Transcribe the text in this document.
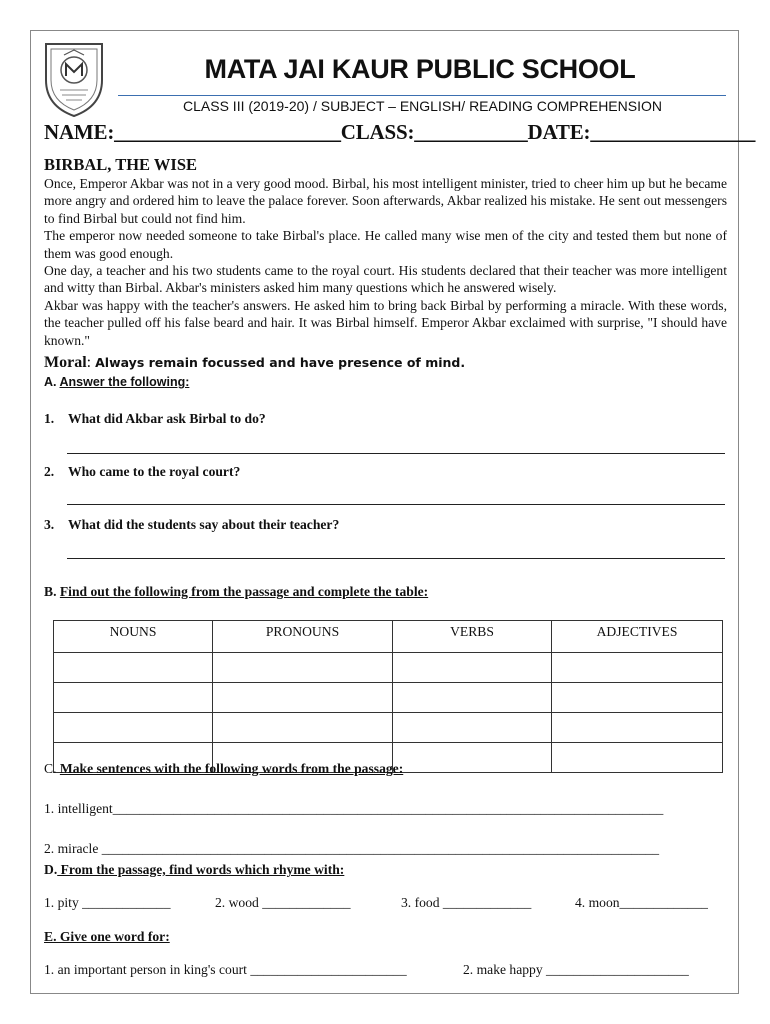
MATA JAI KAUR PUBLIC SCHOOL
CLASS III (2019-20) / SUBJECT – ENGLISH/ READING COMPREHENSION
NAME:______________________CLASS:___________DATE:________________
BIRBAL, THE WISE

Once, Emperor Akbar was not in a very good mood. Birbal, his most intelligent minister, tried to cheer him up but he became more angry and ordered him to leave the palace forever. Soon afterwards, Akbar realized his mistake. He sent out messengers to find Birbal but could not find him.

The emperor now needed someone to take Birbal's place. He called many wise men of the city and tested them but none of them was good enough.

One day, a teacher and his two students came to the royal court. His students declared that their teacher was more intelligent and witty than Birbal. Akbar's ministers asked him many questions which he answered wisely.

Akbar was happy with the teacher's answers. He asked him to bring back Birbal by performing a miracle. With these words, the teacher pulled off his false beard and hair. It was Birbal himself. Emperor Akbar exclaimed with surprise, "I should have known."

Moral: Always remain focussed and have presence of mind.
A. Answer the following:
1. What did Akbar ask Birbal to do?
2. Who came to the royal court?
3. What did the students say about their teacher?
B. Find out the following from the passage and complete the table:
NOUNS	PRONOUNS	VERBS	ADJECTIVES

C. Make sentences with the following words from the passage:
1. intelligent_________________________________________________________________________________
2. miracle __________________________________________________________________________________
D. From the passage, find words which rhyme with:
1. pity _____________	2. wood _____________	3. food _____________	4. moon_____________
E. Give one word for:
1. an important person in king's court _______________________	2. make happy _____________________
